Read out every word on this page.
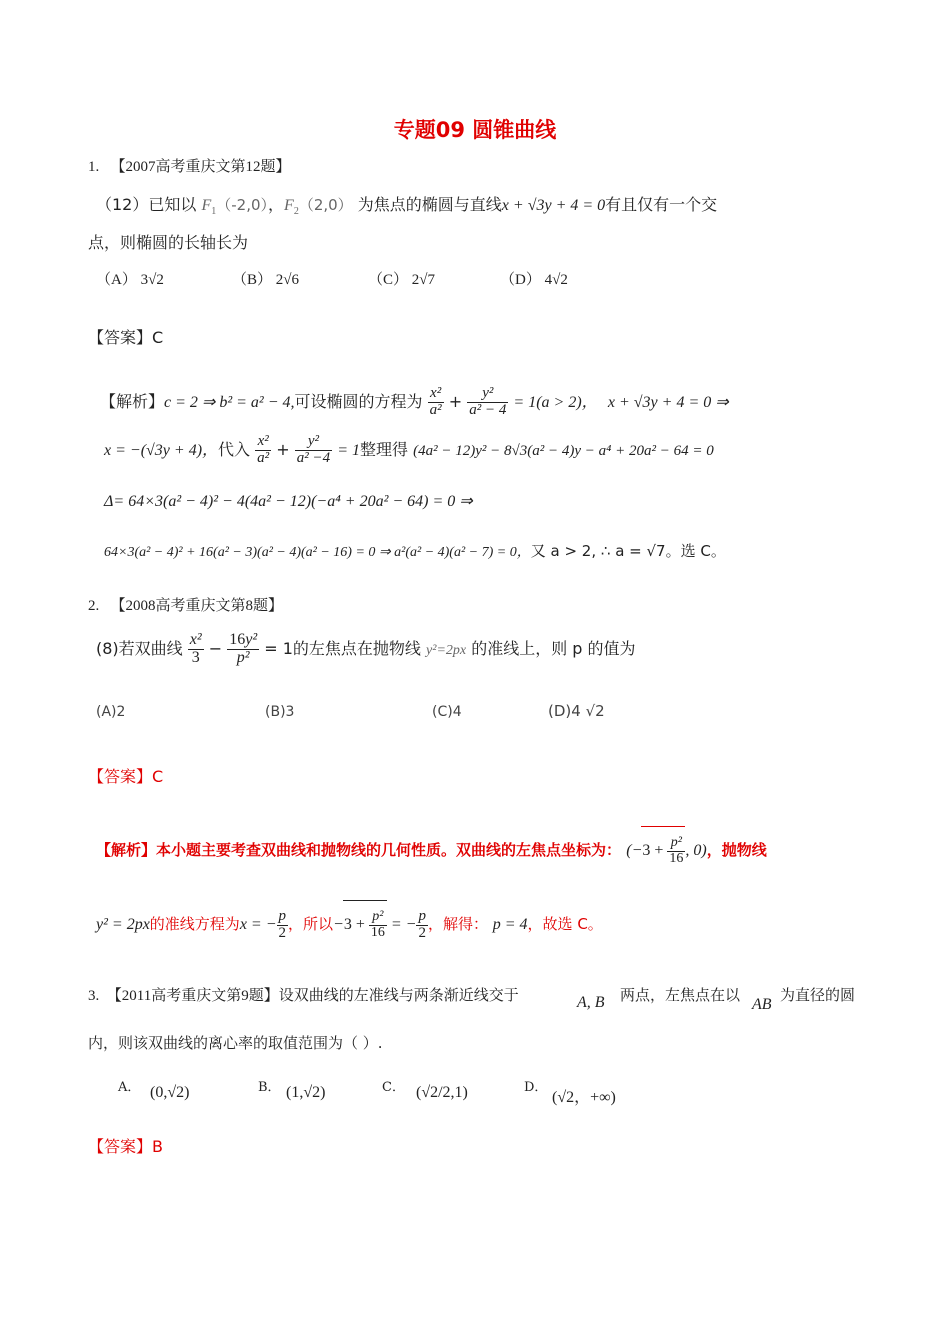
专题09 圆锥曲线
1. 【2007高考重庆文第12题】
（12）已知以 $F_1(-2,0)$，$F_2(2,0)$ 为焦点的椭圆与直线x + √3y + 4 = 0有且仅有一个交
点，则椭圆的长轴长为
（A） 3√2	（B） 2√6	（C） 2√7	（D） 4√2
【答案】C
【解析】c = 2 ⇒ b² = a² − 4,可设椭圆的方程为 $\frac{\text{x²}}{\text{a²}} + \frac{\text{y²}}{\text{a² − 4}} = 1(a > 2)$， x + √3y + 4 = 0 ⇒
x = −(√3y + 4)，代入 $\frac{\text{x²}}{\text{a²}} + \frac{\text{y²}}{\text{a² −4}} = 1$整理得 (4a² − 12)y² − 8√3(a² − 4)y − a⁴ + 20a² − 64 = 0
Δ= 64×3(a² − 4)² − 4(4a² − 12)(−a⁴ + 20a² − 64) = 0 ⇒
64×3(a² − 4)² + 16(a² − 3)(a² − 4)(a² − 16) = 0 ⇒ a²(a² − 4)(a² − 7) = 0，又 a > 2, ∴ a = √7。选 C。
2. 【2008高考重庆文第8题】
(8)若双曲线 $\frac{\text{x²}}{3} - \frac{\text{16y²}}{\text{p²}} = 1$的左焦点在抛物线 y²=2px 的准线上，则 p 的值为
(A)2	(B)3	(C)4	(D)4 √2
【答案】C
【解析】本小题主要考查双曲线和抛物线的几何性质。双曲线的左焦点坐标为： ($-3 + \frac{\text{p²}}{16}$ , 0)，抛物线
y² = 2px的准线方程为x = − $\frac{p}{2}$ ，所以$-3 + \frac{\text{p²}}{16}$ = − $\frac{p}{2}$ ，解得： p = 4，故选 C。
3. 【2011高考重庆文第9题】设双曲线的左准线与两条渐近线交于	A, B 两点，左焦点在以
AB
为直径的圆
内，则该双曲线的离心率的取值范围为（ ）.
A． (0,√2)	B． (1,√2)	C． (√2/2,1)	D．
(√2，+∞)
【答案】B
